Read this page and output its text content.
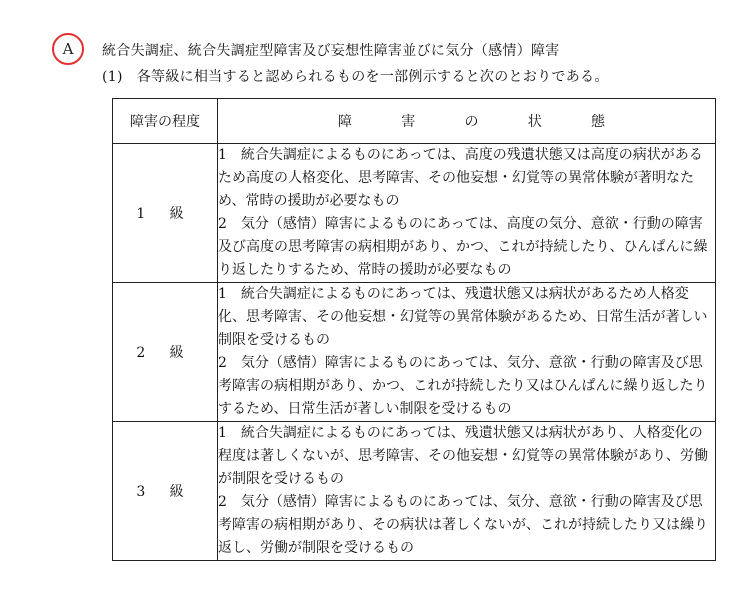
A 統合失調症、統合失調症型障害及び妄想性障害並びに気分（感情）障害
(1) 各等級に相当すると認められるものを一部例示すると次のとおりである。
障害の程度	障 害 の 状 態

1 級	1　統合失調症によるものにあっては、高度の残遺状態又は高度の病状があるため高度の人格変化、思考障害、その他妄想・幻覚等の異常体験が著明なため、常時の援助が必要なもの
2　気分（感情）障害によるものにあっては、高度の気分、意欲・行動の障害及び高度の思考障害の病相期があり、かつ、これが持続したり、ひんぱんに繰り返したりするため、常時の援助が必要なもの

2 級	1　統合失調症によるものにあっては、残遺状態又は病状があるため人格変化、思考障害、その他妄想・幻覚等の異常体験があるため、日常生活が著しい制限を受けるもの
2　気分（感情）障害によるものにあっては、気分、意欲・行動の障害及び思考障害の病相期があり、かつ、これが持続したり又はひんぱんに繰り返したりするため、日常生活が著しい制限を受けるもの

3 級	1　統合失調症によるものにあっては、残遺状態又は病状があり、人格変化の程度は著しくないが、思考障害、その他妄想・幻覚等の異常体験があり、労働が制限を受けるもの
2　気分（感情）障害によるものにあっては、気分、意欲・行動の障害及び思考障害の病相期があり、その病状は著しくないが、これが持続したり又は繰り返し、労働が制限を受けるもの
